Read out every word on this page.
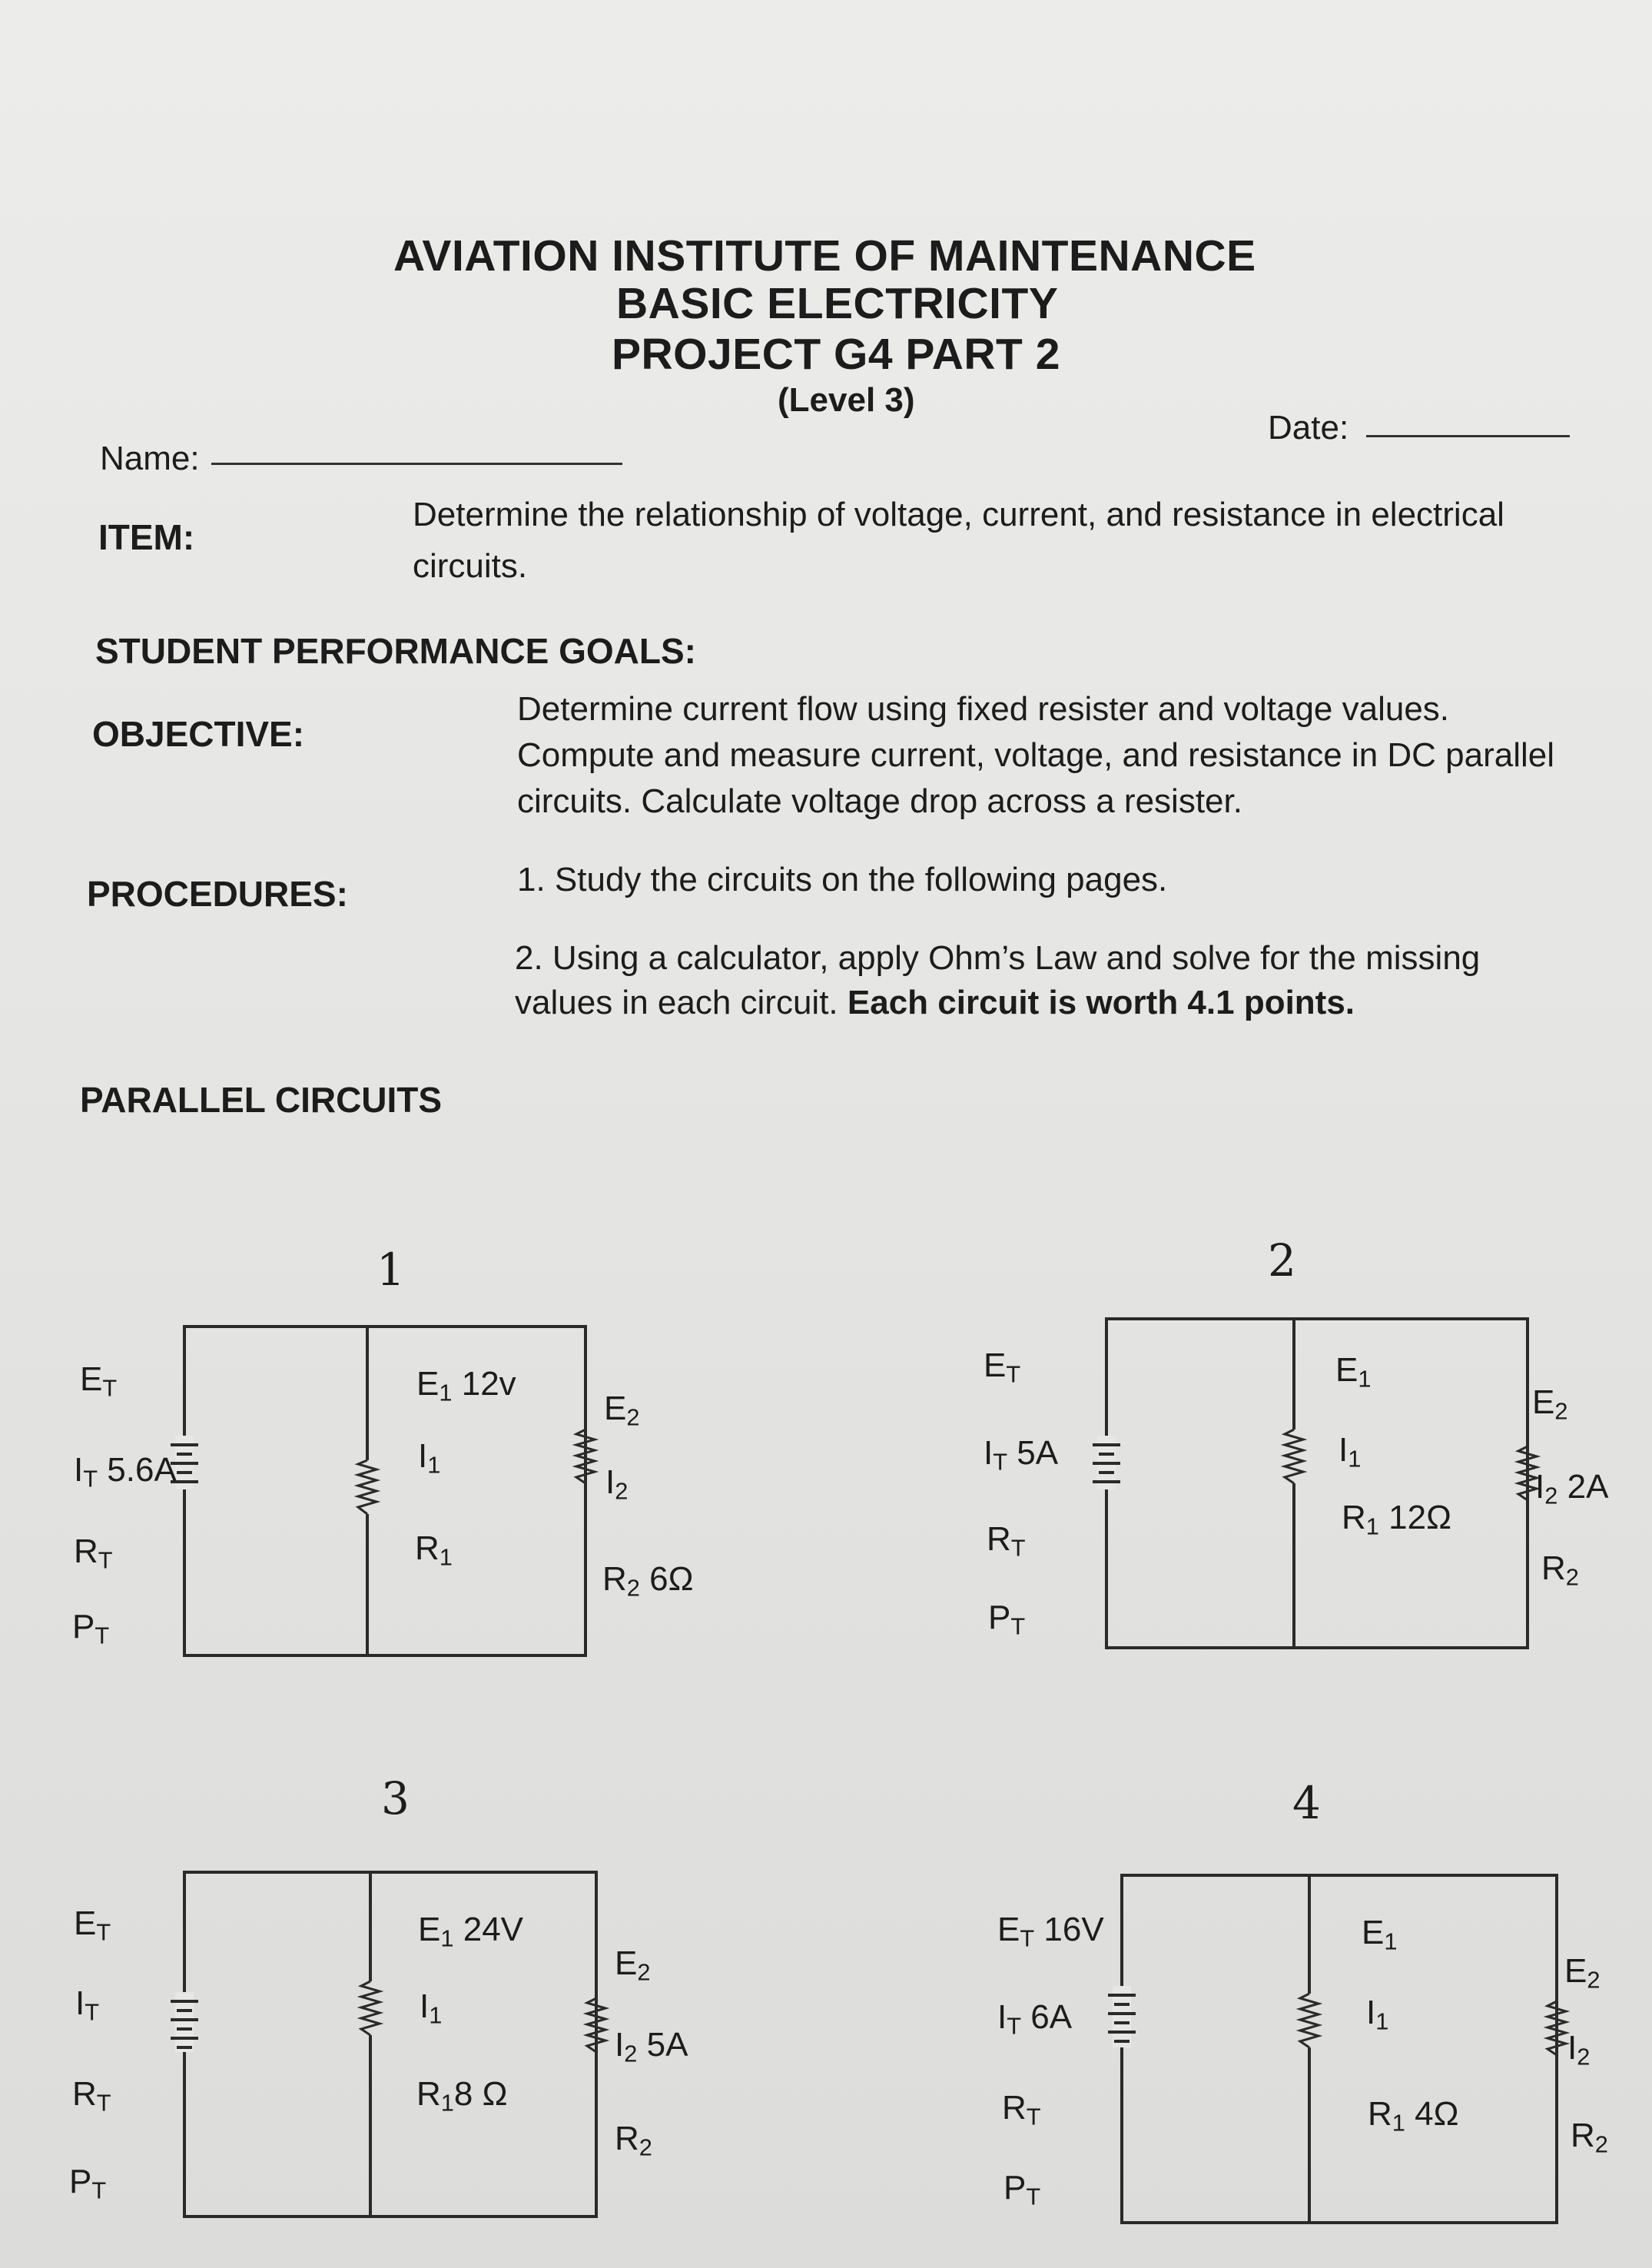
AVIATION INSTITUTE OF MAINTENANCE
BASIC ELECTRICITY
PROJECT G4 PART 2
(Level 3)
Name:
Date:
ITEM:
Determine the relationship of voltage, current, and resistance in electrical
circuits.
STUDENT PERFORMANCE GOALS:
OBJECTIVE:
Determine current flow using fixed resister and voltage values.
Compute and measure current, voltage, and resistance in DC parallel
circuits. Calculate voltage drop across a resister.
PROCEDURES:	1. Study the circuits on the following pages.
2. Using a calculator, apply Ohm’s Law and solve for the missing
values in each circuit. Each circuit is worth 4.1 points.
PARALLEL CIRCUITS
1
$E_T$
$I_T$ 5.6A
$R_T$
$P_T$
$E_1$ 12v
$I_1$
$R_1$
$E_2$
$I_2$
$R_2$ 6Ω
2
$E_T$
$I_T$ 5A
$R_T$
$P_T$
$E_1$
$I_1$
$R_1$ 12Ω
$E_2$
$I_2$ 2A
$R_2$
3
$E_T$
$I_T$
$R_T$
$P_T$
$E_1$ 24V
$I_1$
$R_18$ Ω
$E_2$
$I_2$ 5A
$R_2$
4
$E_T$ 16V
$I_T$ 6A
$R_T$
$P_T$
$E_1$
$I_1$
$R_1$ 4Ω
$E_2$
$I_2$
$R_2$
